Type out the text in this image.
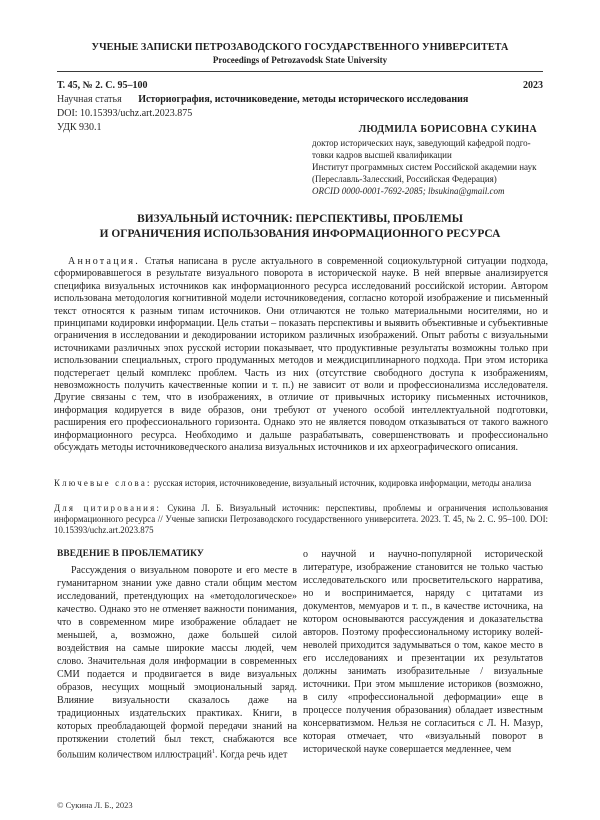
УЧЕНЫЕ ЗАПИСКИ ПЕТРОЗАВОДСКОГО ГОСУДАРСТВЕННОГО УНИВЕРСИТЕТА
Proceedings of Petrozavodsk State University
Т. 45, № 2. С. 95–100	2023
Научная статья Историография, источниковедение, методы исторического исследования
DOI: 10.15393/uchz.art.2023.875
УДК 930.1	ЛЮДМИЛА БОРИСОВНА СУКИНА
доктор исторических наук, заведующий кафедрой подго-
товки кадров высшей квалификации
Институт программных систем Российской академии наук
(Переславль-Залесский, Российская Федерация)
ORCID 0000-0001-7692-2085; lbsukina@gmail.com
ВИЗУАЛЬНЫЙ ИСТОЧНИК: ПЕРСПЕКТИВЫ, ПРОБЛЕМЫ
И ОГРАНИЧЕНИЯ ИСПОЛЬЗОВАНИЯ ИНФОРМАЦИОННОГО РЕСУРСА
Аннотация. Статья написана в русле актуального в современной социокультурной ситуации подхода, сформировавшегося в результате визуального поворота в исторической науке. В ней впервые анализируется специфика визуальных источников как информационного ресурса исследований российской истории. Автором использована методология когнитивной модели источниковедения, согласно которой изображение и письменный текст относятся к разным типам источников. Они отличаются не только материальными носителями, но и принципами кодировки информации. Цель статьи – показать перспективы и выявить объективные и субъективные ограничения в исследовании и декодировании историком различных изображений. Опыт работы с визуальными источниками различных эпох русской истории показывает, что продуктивные результаты возможны только при использовании специальных, строго продуманных методов и междисциплинарного подхода. При этом историка подстерегает целый комплекс проблем. Часть из них (отсутствие свободного доступа к изображениям, невозможность получить качественные копии и т. п.) не зависит от воли и профессионализма исследователя. Другие связаны с тем, что в изображениях, в отличие от привычных историку письменных источников, информация кодируется в виде образов, они требуют от ученого особой интеллектуальной подготовки, расширения его профессионального горизонта. Однако это не является поводом отказываться от такого важного информационного ресурса. Необходимо и дальше разрабатывать, совершенствовать и профессионально обсуждать методы источниковедческого анализа визуальных источников и их археографического описания.
Ключевые слова: русская история, источниковедение, визуальный источник, кодировка информации, методы анализа
Для цитирования: Сукина Л. Б. Визуальный источник: перспективы, проблемы и ограничения использования информационного ресурса // Ученые записки Петрозаводского государственного университета. 2023. Т. 45, № 2. С. 95–100. DOI: 10.15393/uchz.art.2023.875
ВВЕДЕНИЕ В ПРОБЛЕМАТИКУ
Рассуждения о визуальном повороте и его месте в гуманитарном знании уже давно стали общим местом исследований, претендующих на «методологическое» качество. Однако это не отменяет важности понимания, что в современном мире изображение обладает не меньшей, а, возможно, даже большей силой воздействия на самые широкие массы людей, чем слово. Значительная доля информации в современных СМИ подается и продвигается в виде визуальных образов, несущих мощный эмоциональный заряд. Влияние визуальности сказалось даже на традиционных издательских практиках. Книги, в которых преобладающей формой передачи знаний на протяжении столетий был текст, снабжаются все большим количеством иллюстраций$^1$. Когда речь идет
о научной и научно-популярной исторической литературе, изображение становится не только частью исследовательского или просветительского нарратива, но и воспринимается, наряду с цитатами из документов, мемуаров и т. п., в качестве источника, на котором основываются рассуждения и доказательства авторов. Поэтому профессиональному историку волей-неволей приходится задумываться о том, какое место в его исследованиях и презентации их результатов должны занимать изобразительные / визуальные источники. При этом мышление историков (возможно, в силу «профессиональной деформации» еще в процессе получения образования) обладает известным консерватизмом. Нельзя не согласиться с Л. Н. Мазур, которая отмечает, что «визуальный поворот в исторической науке совершается медленнее, чем
© Сукина Л. Б., 2023
